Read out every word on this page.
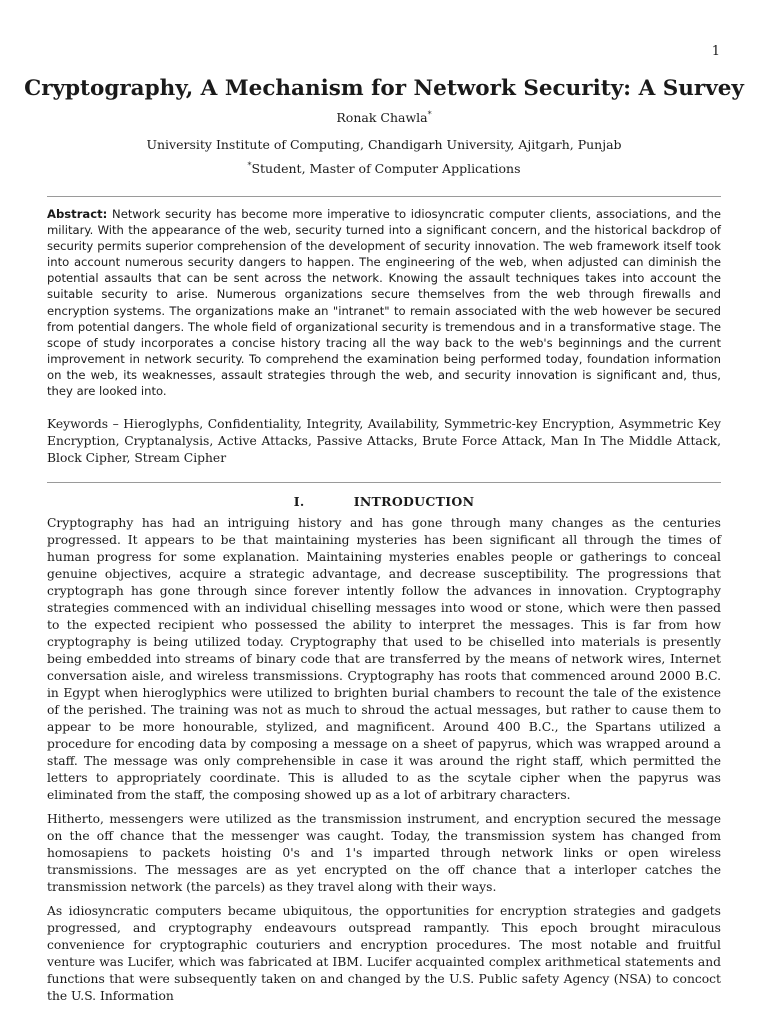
1
Cryptography, A Mechanism for Network Security: A Survey
Ronak Chawla*
University Institute of Computing, Chandigarh University, Ajitgarh, Punjab
*Student, Master of Computer Applications

Abstract: Network security has become more imperative to idiosyncratic computer clients, associations, and the military. With the appearance of the web, security turned into a significant concern, and the historical backdrop of security permits superior comprehension of the development of security innovation. The web framework itself took into account numerous security dangers to happen. The engineering of the web, when adjusted can diminish the potential assaults that can be sent across the network. Knowing the assault techniques takes into account the suitable security to arise. Numerous organizations secure themselves from the web through firewalls and encryption systems. The organizations make an "intranet" to remain associated with the web however be secured from potential dangers. The whole field of organizational security is tremendous and in a transformative stage. The scope of study incorporates a concise history tracing all the way back to the web's beginnings and the current improvement in network security. To comprehend the examination being performed today, foundation information on the web, its weaknesses, assault strategies through the web, and security innovation is significant and, thus, they are looked into.

Keywords – Hieroglyphs, Confidentiality, Integrity, Availability, Symmetric-key Encryption, Asymmetric Key Encryption, Cryptanalysis, Active Attacks, Passive Attacks, Brute Force Attack, Man In The Middle Attack, Block Cipher, Stream Cipher

I.	INTRODUCTION

Cryptography has had an intriguing history and has gone through many changes as the centuries progressed. It appears to be that maintaining mysteries has been significant all through the times of human progress for some explanation. Maintaining mysteries enables people or gatherings to conceal genuine objectives, acquire a strategic advantage, and decrease susceptibility. The progressions that cryptograph has gone through since forever intently follow the advances in innovation. Cryptography strategies commenced with an individual chiselling messages into wood or stone, which were then passed to the expected recipient who possessed the ability to interpret the messages. This is far from how cryptography is being utilized today. Cryptography that used to be chiselled into materials is presently being embedded into streams of binary code that are transferred by the means of network wires, Internet conversation aisle, and wireless transmissions. Cryptography has roots that commenced around 2000 B.C. in Egypt when hieroglyphics were utilized to brighten burial chambers to recount the tale of the existence of the perished. The training was not as much to shroud the actual messages, but rather to cause them to appear to be more honourable, stylized, and magnificent. Around 400 B.C., the Spartans utilized a procedure for encoding data by composing a message on a sheet of papyrus, which was wrapped around a staff. The message was only comprehensible in case it was around the right staff, which permitted the letters to appropriately coordinate. This is alluded to as the scytale cipher when the papyrus was eliminated from the staff, the composing showed up as a lot of arbitrary characters.

Hitherto, messengers were utilized as the transmission instrument, and encryption secured the message on the off chance that the messenger was caught. Today, the transmission system has changed from homosapiens to packets hoisting 0's and 1's imparted through network links or open wireless transmissions. The messages are as yet encrypted on the off chance that a interloper catches the transmission network (the parcels) as they travel along with their ways.

As idiosyncratic computers became ubiquitous, the opportunities for encryption strategies and gadgets progressed, and cryptography endeavours outspread rampantly. This epoch brought miraculous convenience for cryptographic couturiers and encryption procedures. The most notable and fruitful venture was Lucifer, which was fabricated at IBM. Lucifer acquainted complex arithmetical statements and functions that were subsequently taken on and changed by the U.S. Public safety Agency (NSA) to concoct the U.S. Information
